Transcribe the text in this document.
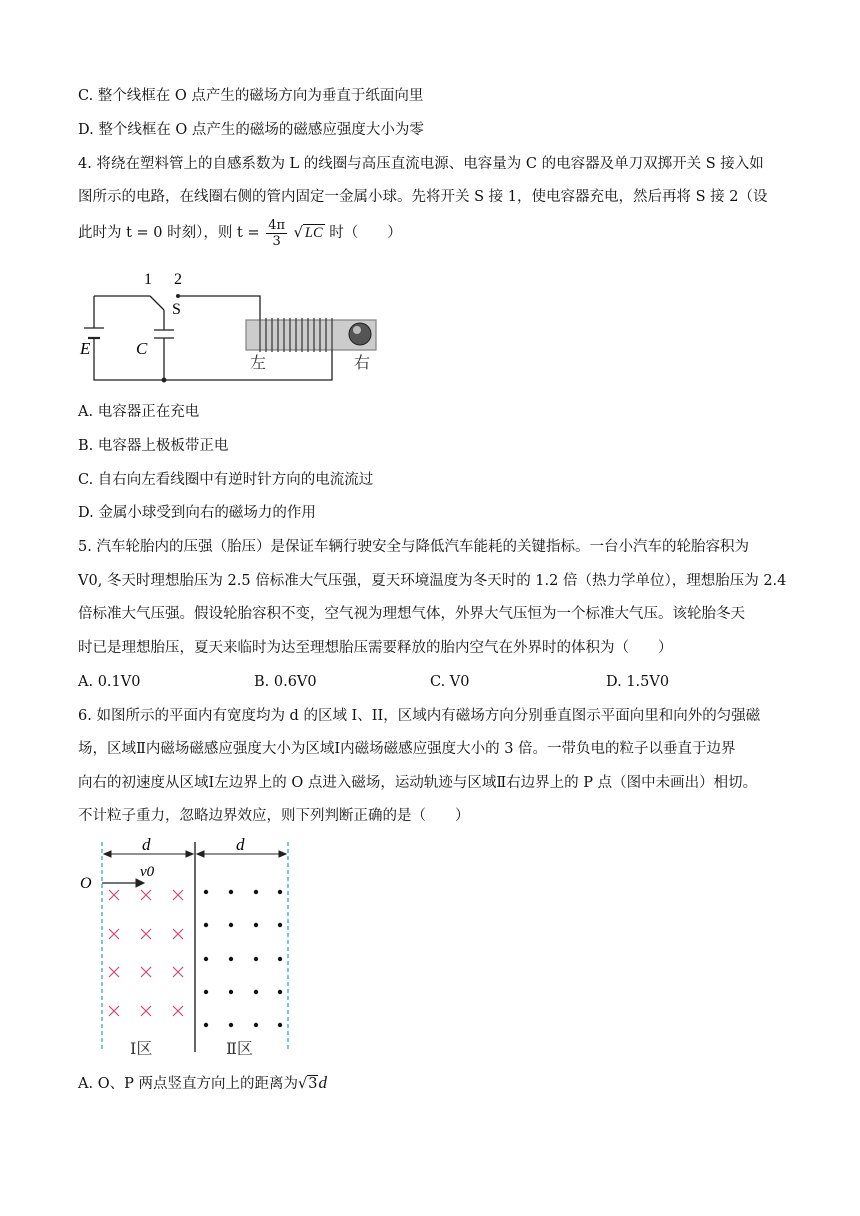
C. 整个线框在 O 点产生的磁场方向为垂直于纸面向里
D. 整个线框在 O 点产生的磁场的磁感应强度大小为零
4. 将绕在塑料管上的自感系数为 L 的线圈与高压直流电源、电容量为 C 的电容器及单刀双掷开关 S 接入如
图所示的电路，在线圈右侧的管内固定一金属小球。先将开关 S 接 1，使电容器充电，然后再将 S 接 2（设
此时为 t = 0 时刻），则 $t = \frac{4\pi}{3}$ √ LC 时（　　）
1 2
S
E	C
左	右
A. 电容器正在充电
B. 电容器上极板带正电
C. 自右向左看线圈中有逆时针方向的电流流过
D. 金属小球受到向右的磁场力的作用
5. 汽车轮胎内的压强（胎压）是保证车辆行驶安全与降低汽车能耗的关键指标。一台小汽车的轮胎容积为
V0, 冬天时理想胎压为 2.5 倍标准大气压强，夏天环境温度为冬天时的 1.2 倍（热力学单位），理想胎压为 2.4
倍标准大气压强。假设轮胎容积不变，空气视为理想气体，外界大气压恒为一个标准大气压。该轮胎冬天
时已是理想胎压，夏天来临时为达至理想胎压需要释放的胎内空气在外界时的体积为（　　）
A. 0.1V0	B. 0.6V0	C. V0	D. 1.5V0
6. 如图所示的平面内有宽度均为 d 的区域 I、II，区域内有磁场方向分别垂直图示平面向里和向外的匀强磁
场，区域Ⅱ内磁场磁感应强度大小为区域Ⅰ内磁场磁感应强度大小的 3 倍。一带负电的粒子以垂直于边界
向右的初速度从区域Ⅰ左边界上的 O 点进入磁场，运动轨迹与区域Ⅱ右边界上的 P 点（图中未画出）相切。
不计粒子重力，忽略边界效应，则下列判断正确的是（　　）
d	d
v0
O
Ⅰ区	Ⅱ区
A. O、P 两点竖直方向上的距离为√3d
